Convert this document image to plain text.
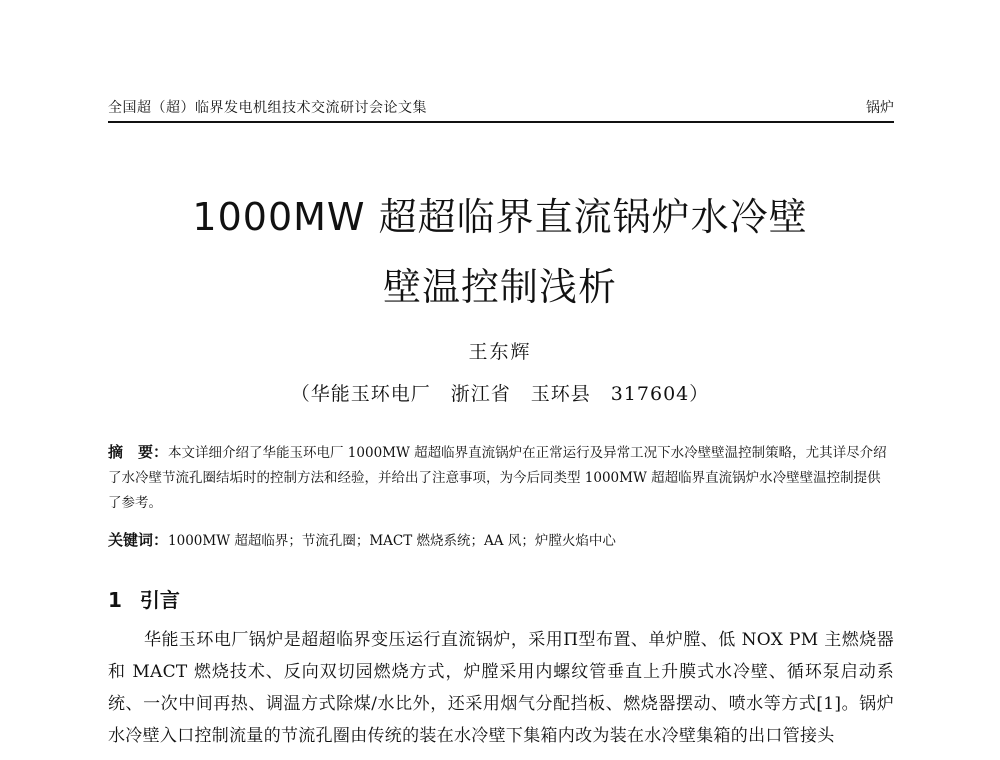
全国超（超）临界发电机组技术交流研讨会论文集	锅炉
1000MW 超超临界直流锅炉水冷壁
壁温控制浅析
王东辉
（华能玉环电厂　浙江省　玉环县　317604）
摘　要：本文详细介绍了华能玉环电厂 1000MW 超超临界直流锅炉在正常运行及异常工况下水冷壁壁温控制策略，尤其详尽介绍了水冷壁节流孔圈结垢时的控制方法和经验，并给出了注意事项，为今后同类型 1000MW 超超临界直流锅炉水冷壁壁温控制提供了参考。
关键词：1000MW 超超临界；节流孔圈；MACT 燃烧系统；AA 风；炉膛火焰中心
1 引言
华能玉环电厂锅炉是超超临界变压运行直流锅炉，采用Π型布置、单炉膛、低 NOX PM 主燃烧器和 MACT 燃烧技术、反向双切园燃烧方式，炉膛采用内螺纹管垂直上升膜式水冷壁、循环泵启动系统、一次中间再热、调温方式除煤/水比外，还采用烟气分配挡板、燃烧器摆动、喷水等方式[1]。锅炉水冷壁入口控制流量的节流孔圈由传统的装在水冷壁下集箱内改为装在水冷壁集箱的出口管接头
